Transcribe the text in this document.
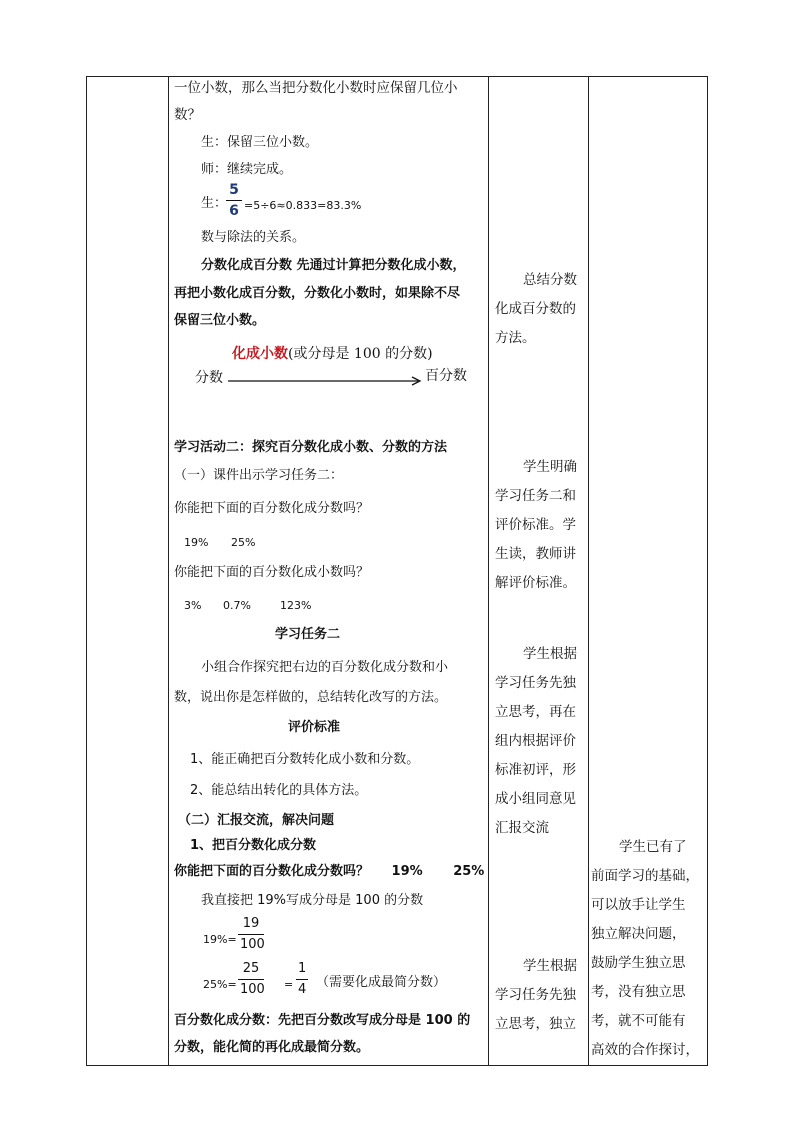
一位小数，那么当把分数化小数时应保留几位小
数？
生：保留三位小数。
师：继续完成。
生：
5
6 =5÷6≈0.833=83.3%
数与除法的关系。
分数化成百分数 先通过计算把分数化成小数，
再把小数化成百分数，分数化小数时，如果除不尽
保留三位小数。
化成小数(或分母是 100 的分数)
分数	百分数
学习活动二：探究百分数化成小数、分数的方法
（一）课件出示学习任务二：
你能把下面的百分数化成分数吗？
19% 25%
你能把下面的百分数化成小数吗？
3% 0.7%	123%
学习任务二
小组合作探究把右边的百分数化成分数和小
数，说出你是怎样做的，总结转化改写的方法。
评价标准
1、能正确把百分数转化成小数和分数。
2、能总结出转化的具体方法。
（二）汇报交流，解决问题
1、把百分数化成分数
你能把下面的百分数化成分数吗？ 19% 25%
我直接把 19%写成分母是 100 的分数
19%=
19
100
25%=
25
100 =
1
4 （需要化成最简分数）
百分数化成分数：先把百分数改写成分母是 100 的
分数，能化简的再化成最简分数。
总结分数
化成百分数的
方法。
学生明确
学习任务二和
评价标准。学
生读，教师讲
解评价标准。
学生根据
学习任务先独
立思考，再在
组内根据评价
标准初评，形
成小组同意见
汇报交流
学生根据
学习任务先独
立思考，独立
学生已有了
前面学习的基础，
可以放手让学生
独立解决问题，
鼓励学生独立思
考，没有独立思
考，就不可能有
高效的合作探讨，
